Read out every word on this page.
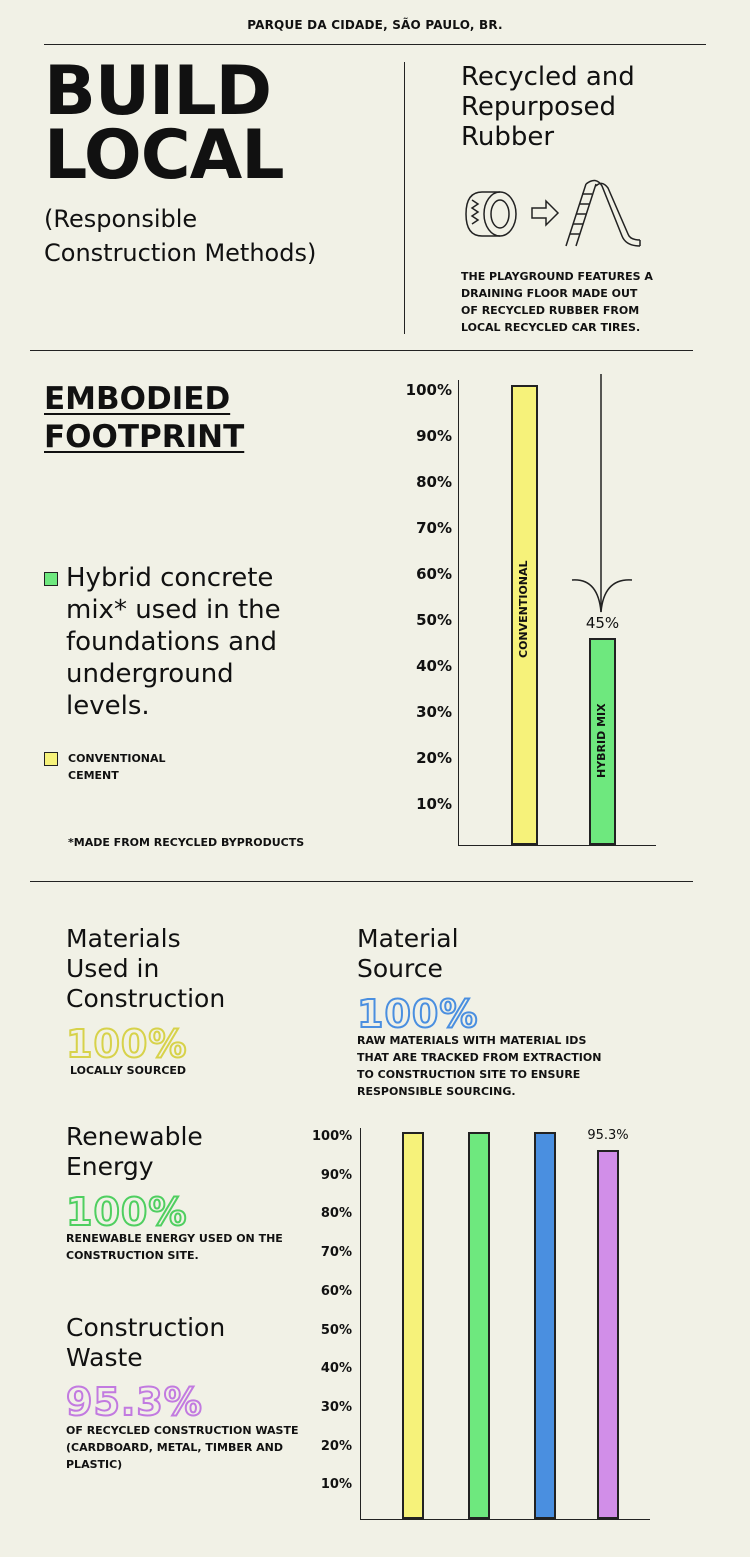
PARQUE DA CIDADE, SÃO PAULO, BR.
BUILD
LOCAL
(Responsible
Construction Methods)
Recycled and
Repurposed
Rubber
THE PLAYGROUND FEATURES A
DRAINING FLOOR MADE OUT
OF RECYCLED RUBBER FROM
LOCAL RECYCLED CAR TIRES.
EMBODIED
FOOTPRINT
Hybrid concrete
mix* used in the
foundations and
underground
levels.
CONVENTIONAL
CEMENT
*MADE FROM RECYCLED BYPRODUCTS
10%
20%
30%
40%
50%
60%
70%
80%
90%
100%
CONVENTIONAL
HYBRID MIX
45%
Materials
Used in
Construction
100%
LOCALLY SOURCED
Material
Source
100%
RAW MATERIALS WITH MATERIAL IDS
THAT ARE TRACKED FROM EXTRACTION
TO CONSTRUCTION SITE TO ENSURE
RESPONSIBLE SOURCING.
Renewable
Energy
100%
RENEWABLE ENERGY USED ON THE
CONSTRUCTION SITE.
Construction
Waste
95.3%
OF RECYCLED CONSTRUCTION WASTE
(CARDBOARD, METAL, TIMBER AND
PLASTIC)
10%
20%
30%
40%
50%
60%
70%
80%
90%
100%	95.3%
